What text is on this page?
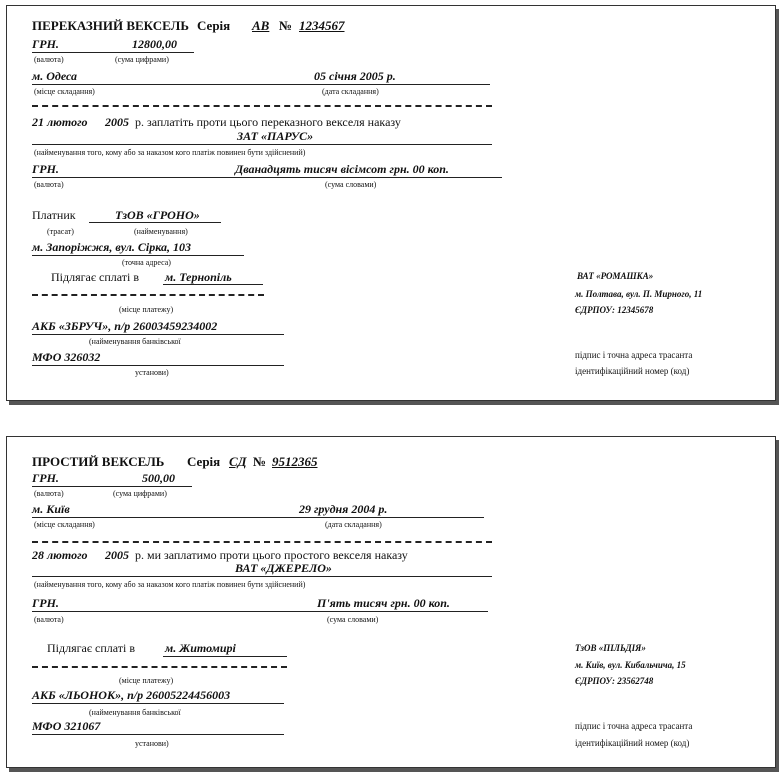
ПЕРЕКАЗНИЙ ВЕКСЕЛЬ Серія АВ № 1234567
ГРН.	12800,00
(валюта)	(сума цифрами)
м. Одеса	05 січня 2005 р.
(місце складання)	(дата складання)
21 лютого 2005 р. заплатіть проти цього переказного векселя наказу
ЗАТ «ПАРУС»
(найменування того, кому або за наказом кого платіж повинен бути здійснений)
ГРН.	Дванадцять тисяч вісімсот грн. 00 коп.
(валюта)	(сума словами)
Платник	ТзОВ «ГРОНО»
(трасат)	(найменування)
м. Запоріжжя, вул. Сірка, 103
(точна адреса)
Підлягає сплаті в м. Тернопіль
(місце платежу)
АКБ «ЗБРУЧ», п/р 26003459234002
(найменування банківської
МФО 326032
установи)
ВАТ «РОМАШКА»
м. Полтава, вул. П. Мирного, 11
ЄДРПОУ: 12345678
підпис і точна адреса трасанта
ідентифікаційний номер (код)
ПРОСТИЙ ВЕКСЕЛЬ Серія СД № 9512365
ГРН.	500,00
(валюта)	(сума цифрами)
м. Київ	29 грудня 2004 р.
(місце складання)	(дата складання)
28 лютого 2005 р. ми заплатимо проти цього простого векселя наказу
ВАТ «ДЖЕРЕЛО»
(найменування того, кому або за наказом кого платіж повинен бути здійснений)
ГРН.	П'ять тисяч грн. 00 коп.
(валюта)	(сума словами)
Підлягає сплаті в м. Житомирі
(місце платежу)
АКБ «ЛЬОНОК», п/р 26005224456003
(найменування банківської
МФО 321067
установи)
ТзОВ «ПІЛЬДІЯ»
м. Київ, вул. Кибальчича, 15
ЄДРПОУ: 23562748
підпис і точна адреса трасанта
ідентифікаційний номер (код)
